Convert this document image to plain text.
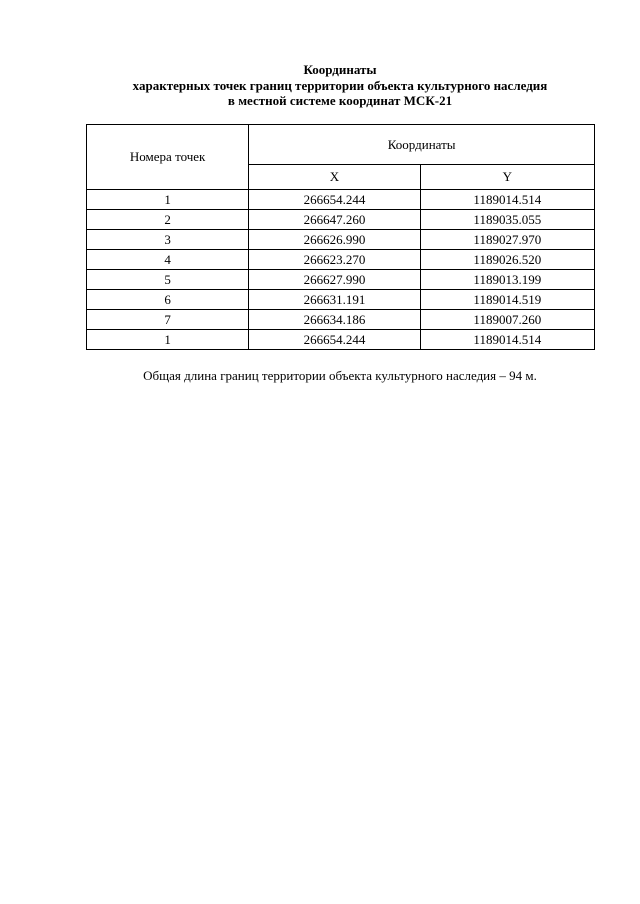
Координаты
характерных точек границ территории объекта культурного наследия
в местной системе координат МСК-21
Номера точек	Координаты	
	X	Y
1	266654.244	1189014.514
2	266647.260	1189035.055
3	266626.990	1189027.970
4	266623.270	1189026.520
5	266627.990	1189013.199
6	266631.191	1189014.519
7	266634.186	1189007.260
1	266654.244	1189014.514
Общая длина границ территории объекта культурного наследия – 94 м.
